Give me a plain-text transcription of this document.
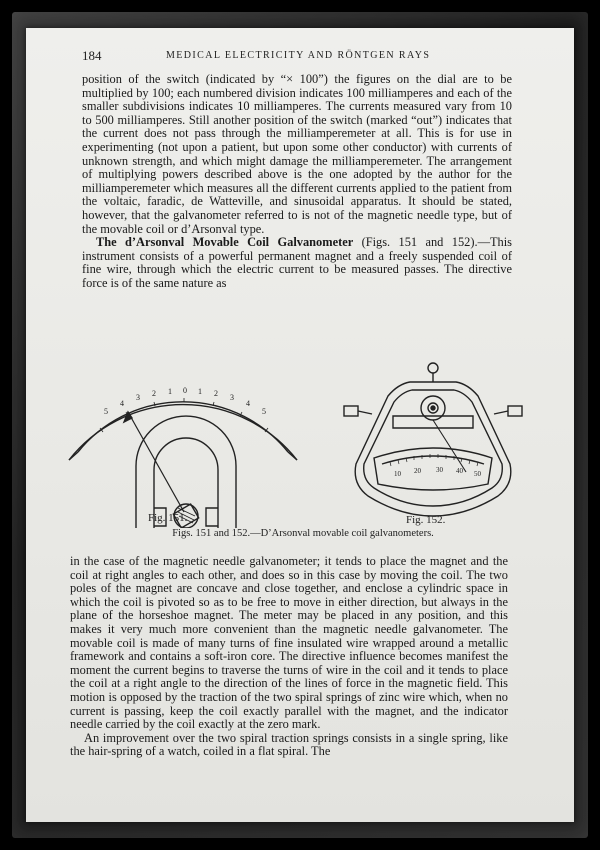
184	MEDICAL ELECTRICITY AND RÖNTGEN RAYS

position of the switch (indicated by “× 100”) the figures on the dial are to be multiplied by 100; each numbered division indicates 100 milliamperes and each of the smaller subdivisions indicates 10 milliamperes. The currents measured vary from 10 to 500 milliamperes. Still another position of the switch (marked “out”) indicates that the current does not pass through the milliamperemeter at all. This is for use in experimenting (not upon a patient, but upon some other conductor) with currents of unknown strength, and which might damage the milliamperemeter. The arrangement of multiplying powers described above is the one adopted by the author for the milliamperemeter which measures all the different currents applied to the patient from the voltaic, faradic, de Watteville, and sinusoidal apparatus. It should be stated, however, that the galvanometer referred to is not of the magnetic needle type, but of the movable coil or d’Arsonval type.

The d’Arsonval Movable Coil Galvanometer (Figs. 151 and 152).—This instrument consists of a powerful permanent magnet and a freely suspended coil of fine wire, through which the electric current to be measured passes. The directive force is of the same nature as

5
4
3 2 1 0 1 2 3
4
5
10 20 30 40 50
Fig. 151.	Fig. 152.
Figs. 151 and 152.—D’Arsonval movable coil galvanometers.

in the case of the magnetic needle galvanometer; it tends to place the magnet and the coil at right angles to each other, and does so in this case by moving the coil. The two poles of the magnet are concave and close together, and enclose a cylindric space in which the coil is pivoted so as to be free to move in either direction, but always in the plane of the horseshoe magnet. The meter may be placed in any position, and this makes it very much more convenient than the magnetic needle galvanometer. The movable coil is made of many turns of fine insulated wire wrapped around a metallic framework and contains a soft-iron core. The directive influence becomes manifest the moment the current begins to traverse the turns of wire in the coil and it tends to place the coil at a right angle to the direction of the lines of force in the magnetic field. This motion is opposed by the traction of the two spiral springs of zinc wire which, when no current is passing, keep the coil exactly parallel with the magnet, and the indicator needle carried by the coil exactly at the zero mark.

An improvement over the two spiral traction springs consists in a single spring, like the hair-spring of a watch, coiled in a flat spiral. The
